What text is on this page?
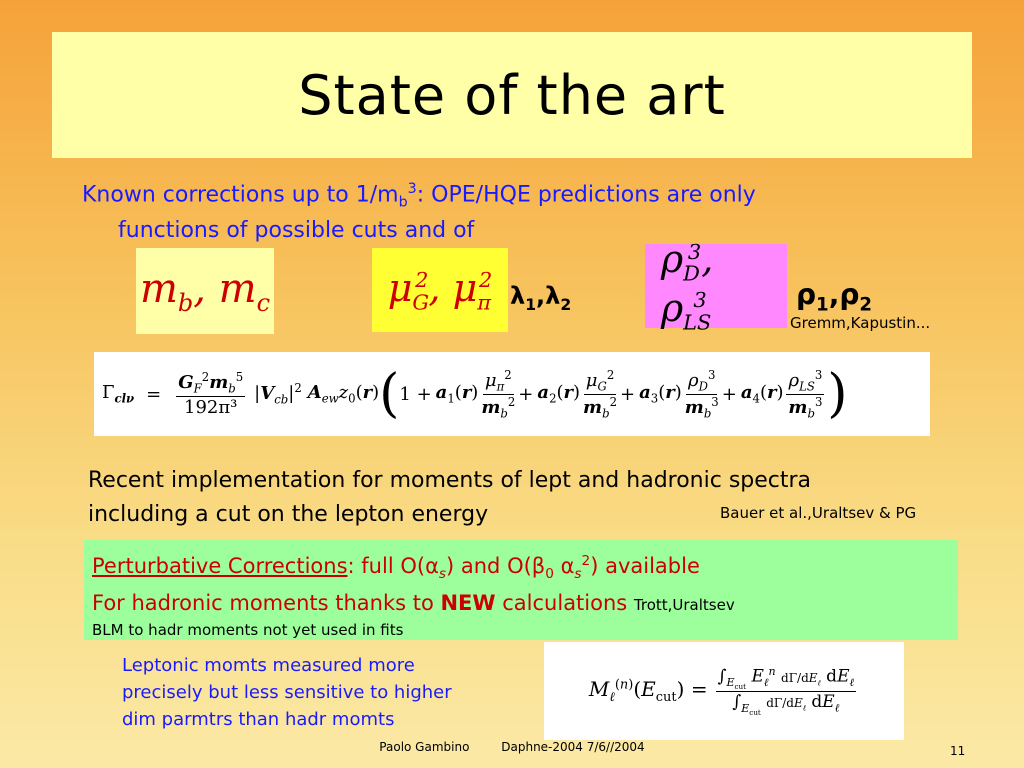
State of the art
Known corrections up to $1/m_b^3$: OPE/HQE predictions are only
functions of possible cuts and of
$m_b$, $m_c$	$\mu_G^2$, $\mu_\pi^2$
$\lambda_1,\lambda_2$
$\rho_D^3$, $\rho_{LS}^3$	$\rho_1,\rho_2$
Gremm,Kapustin...
$\Gamma_{cl\nu} = \frac{G_F^2m_b^5}{\text{192π³}} |V_{cb}|^2$ $A_{ew}z_0(r)$ ( $1 + a_1(r) \frac{\mu_\pi^2}{m_b^2} + a_2(r) \frac{\mu_G^2}{m_b^2} + a_3(r) \frac{\rho_D^3}{m_b^3} + a_4(r) \frac{\rho_{LS}^3}{m_b^3}$ )
Recent implementation for moments of lept and hadronic spectra
including a cut on the lepton energy	Bauer et al.,Uraltsev & PG
Perturbative Corrections: full $O(\alpha_s)$ and $O(\beta_0$ $\alpha_s^2$) available
For hadronic moments thanks to NEW calculations Trott,Uraltsev
BLM to hadr moments not yet used in fits
Leptonic momts measured more
precisely but less sensitive to higher
dim parmtrs than hadr momts
$M_\ell^{(n)}(E_{cut}) = \frac{\int_{E_{cut}} E_\ell^n d\Gamma/dE_\ell dE_\ell}{\int_{E_{cut}} d\Gamma/dE_\ell dE_\ell}$
Paolo Gambino	Daphne-2004 7/6//2004	11
